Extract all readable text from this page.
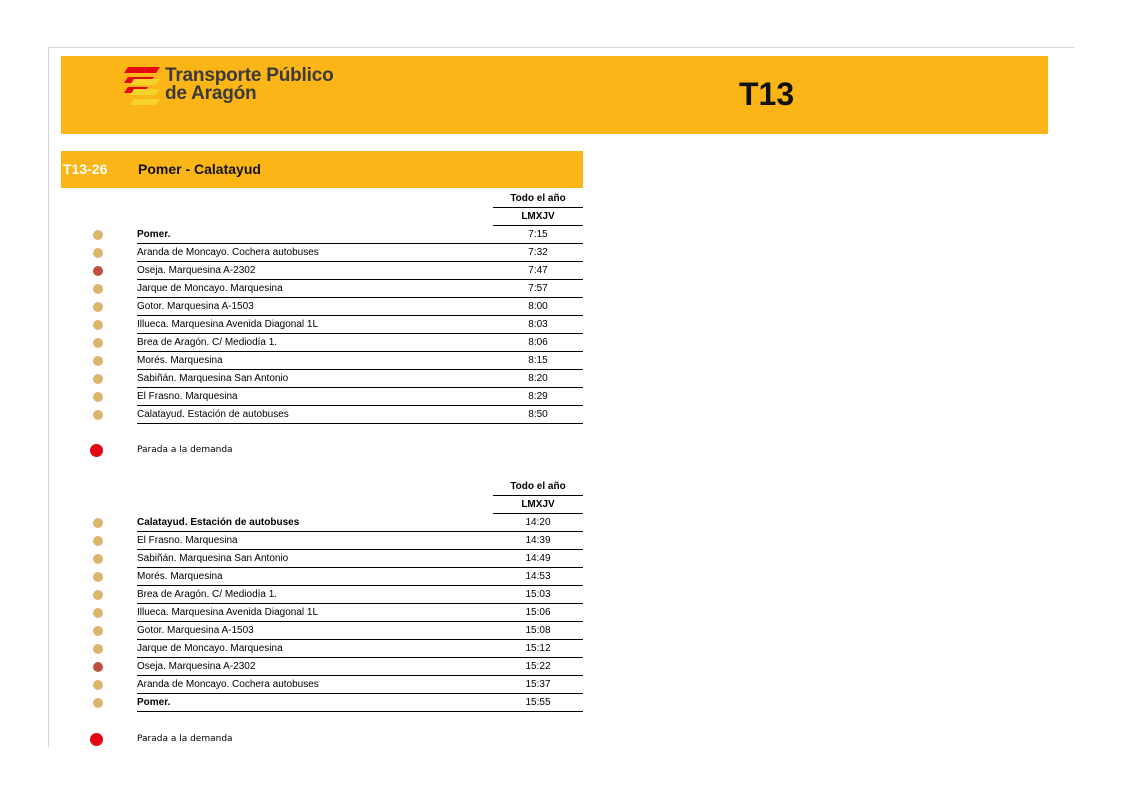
Transporte Público
de Aragón	T13
T13-26 Pomer - Calatayud
Todo el año
LMXJV
Pomer.	7:15
Aranda de Moncayo. Cochera autobuses	7:32
Oseja. Marquesina A-2302	7:47
Jarque de Moncayo. Marquesina	7:57
Gotor. Marquesina A-1503	8:00
Illueca. Marquesina Avenida Diagonal 1L	8:03
Brea de Aragón. C/ Mediodía 1.	8:06
Morés. Marquesina	8:15
Sabiñán. Marquesina San Antonio	8:20
El Frasno. Marquesina	8:29
Calatayud. Estación de autobuses	8:50
Parada a la demanda
Todo el año
LMXJV
Calatayud. Estación de autobuses	14:20
El Frasno. Marquesina	14:39
Sabiñán. Marquesina San Antonio	14:49
Morés. Marquesina	14:53
Brea de Aragón. C/ Mediodía 1.	15:03
Illueca. Marquesina Avenida Diagonal 1L	15:06
Gotor. Marquesina A-1503	15:08
Jarque de Moncayo. Marquesina	15:12
Oseja. Marquesina A-2302	15:22
Aranda de Moncayo. Cochera autobuses	15:37
Pomer.	15:55
Parada a la demanda
